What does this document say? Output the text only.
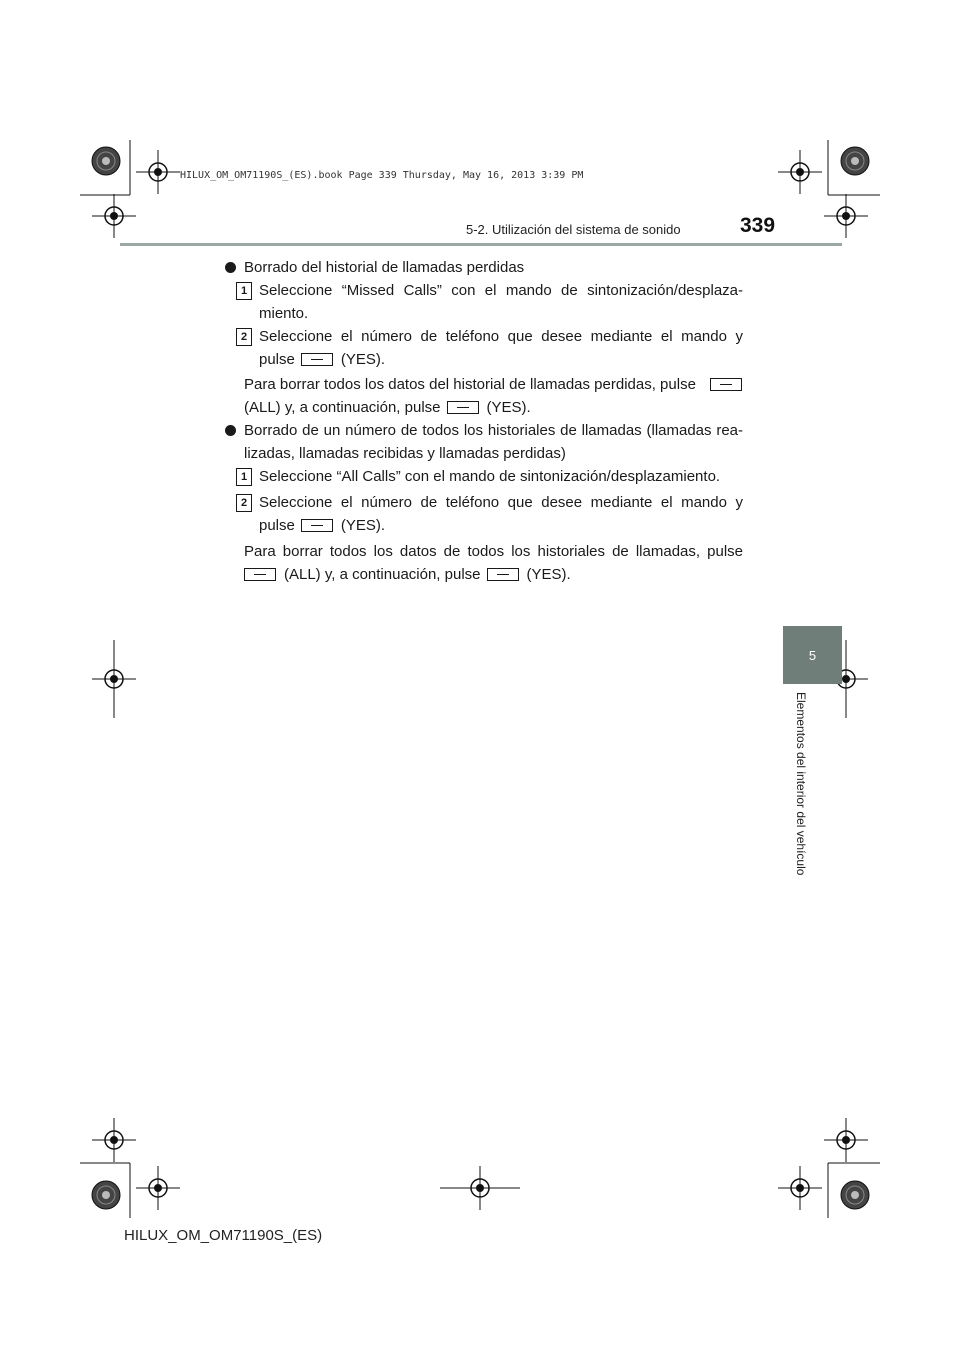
HILUX_OM_OM71190S_(ES).book Page 339 Thursday, May 16, 2013 3:39 PM
5-2. Utilización del sistema de sonido	339
5
Elementos del interior del vehículo
Borrado del historial de llamadas perdidas
1 Seleccione “Missed Calls” con el mando de sintonización/desplaza-
miento.
2 Seleccione el número de teléfono que desee mediante el mando y
pulse	(YES).
Para borrar todos los datos del historial de llamadas perdidas, pulse
(ALL) y, a continuación, pulse	(YES).
Borrado de un número de todos los historiales de llamadas (llamadas rea-
lizadas, llamadas recibidas y llamadas perdidas)
1 Seleccione “All Calls” con el mando de sintonización/desplazamiento.
2 Seleccione el número de teléfono que desee mediante el mando y
pulse	(YES).
Para borrar todos los datos de todos los historiales de llamadas, pulse
(ALL) y, a continuación, pulse	(YES).
HILUX_OM_OM71190S_(ES)
